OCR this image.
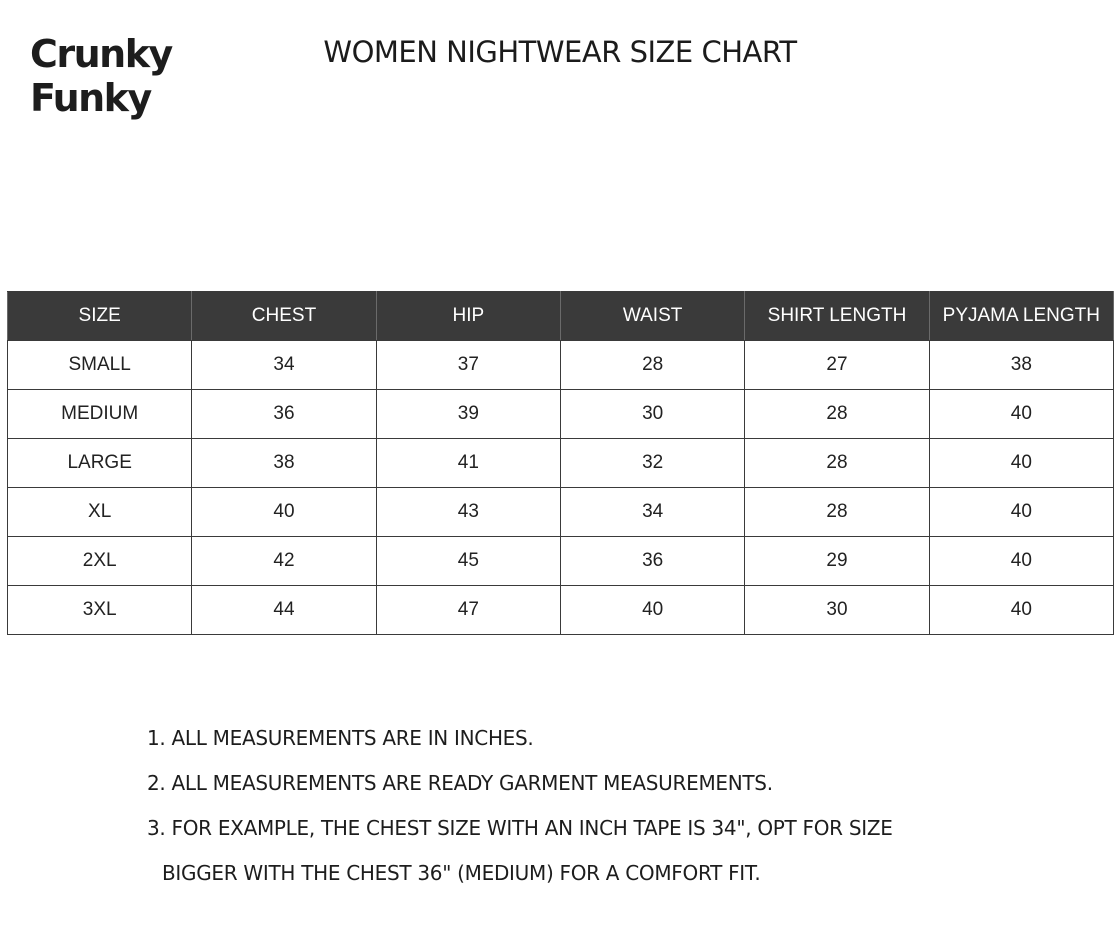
Crunky
Funky
WOMEN NIGHTWEAR SIZE CHART
SIZE	CHEST	HIP	WAIST	SHIRT LENGTH	PYJAMA LENGTH
SMALL	34	37	28	27	38
MEDIUM	36	39	30	28	40
LARGE	38	41	32	28	40
XL	40	43	34	28	40
2XL	42	45	36	29	40
3XL	44	47	40	30	40
1. ALL MEASUREMENTS ARE IN INCHES.
2. ALL MEASUREMENTS ARE READY GARMENT MEASUREMENTS.
3. FOR EXAMPLE, THE CHEST SIZE WITH AN INCH TAPE IS 34", OPT FOR SIZE
BIGGER WITH THE CHEST 36" (MEDIUM) FOR A COMFORT FIT.
